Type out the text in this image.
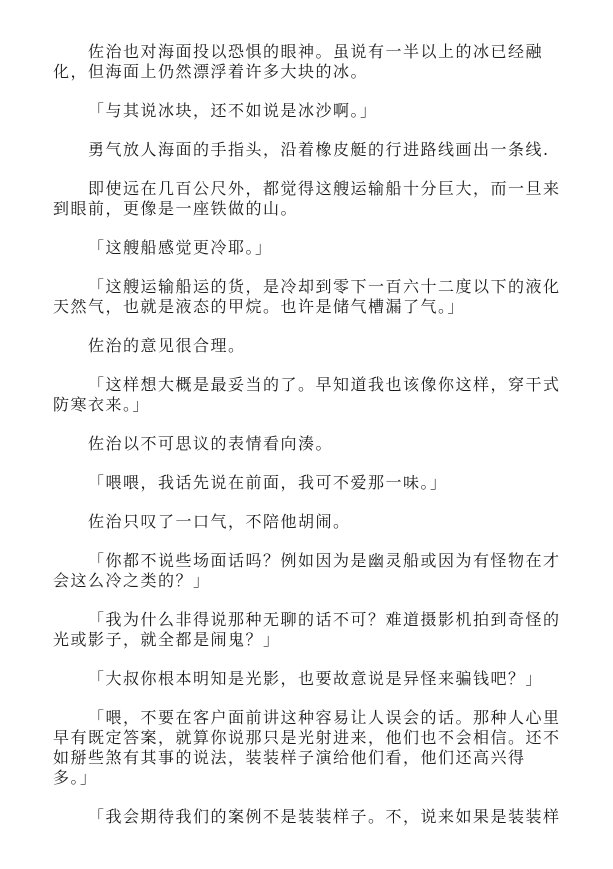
佐治也对海面投以恐惧的眼神。虽说有一半以上的冰已经融
化，但海面上仍然漂浮着许多大块的冰。

「与其说冰块，还不如说是冰沙啊。」

勇气放人海面的手指头，沿着橡皮艇的行进路线画出一条线.

即使远在几百公尺外，都觉得这艘运输船十分巨大，而一旦来
到眼前，更像是一座铁做的山。

「这艘船感觉更冷耶。」

「这艘运输船运的货，是冷却到零下一百六十二度以下的液化
天然气，也就是液态的甲烷。也许是储气槽漏了气。」

佐治的意见很合理。

「这样想大概是最妥当的了。早知道我也该像你这样，穿干式
防寒衣来。」

佐治以不可思议的表情看向湊。

「喂喂，我话先说在前面，我可不爱那一味。」

佐治只叹了一口气，不陪他胡闹。

「你都不说些场面话吗？例如因为是幽灵船或因为有怪物在才
会这么冷之类的？」

「我为什么非得说那种无聊的话不可？难道摄影机拍到奇怪的
光或影子，就全都是闹鬼？」

「大叔你根本明知是光影，也要故意说是异怪来骗钱吧？」

「喂，不要在客户面前讲这种容易让人误会的话。那种人心里
早有既定答案，就算你说那只是光射进来，他们也不会相信。还不
如掰些煞有其事的说法，装装样子演给他们看，他们还高兴得
多。」

「我会期待我们的案例不是装装样子。不，说来如果是装装样
